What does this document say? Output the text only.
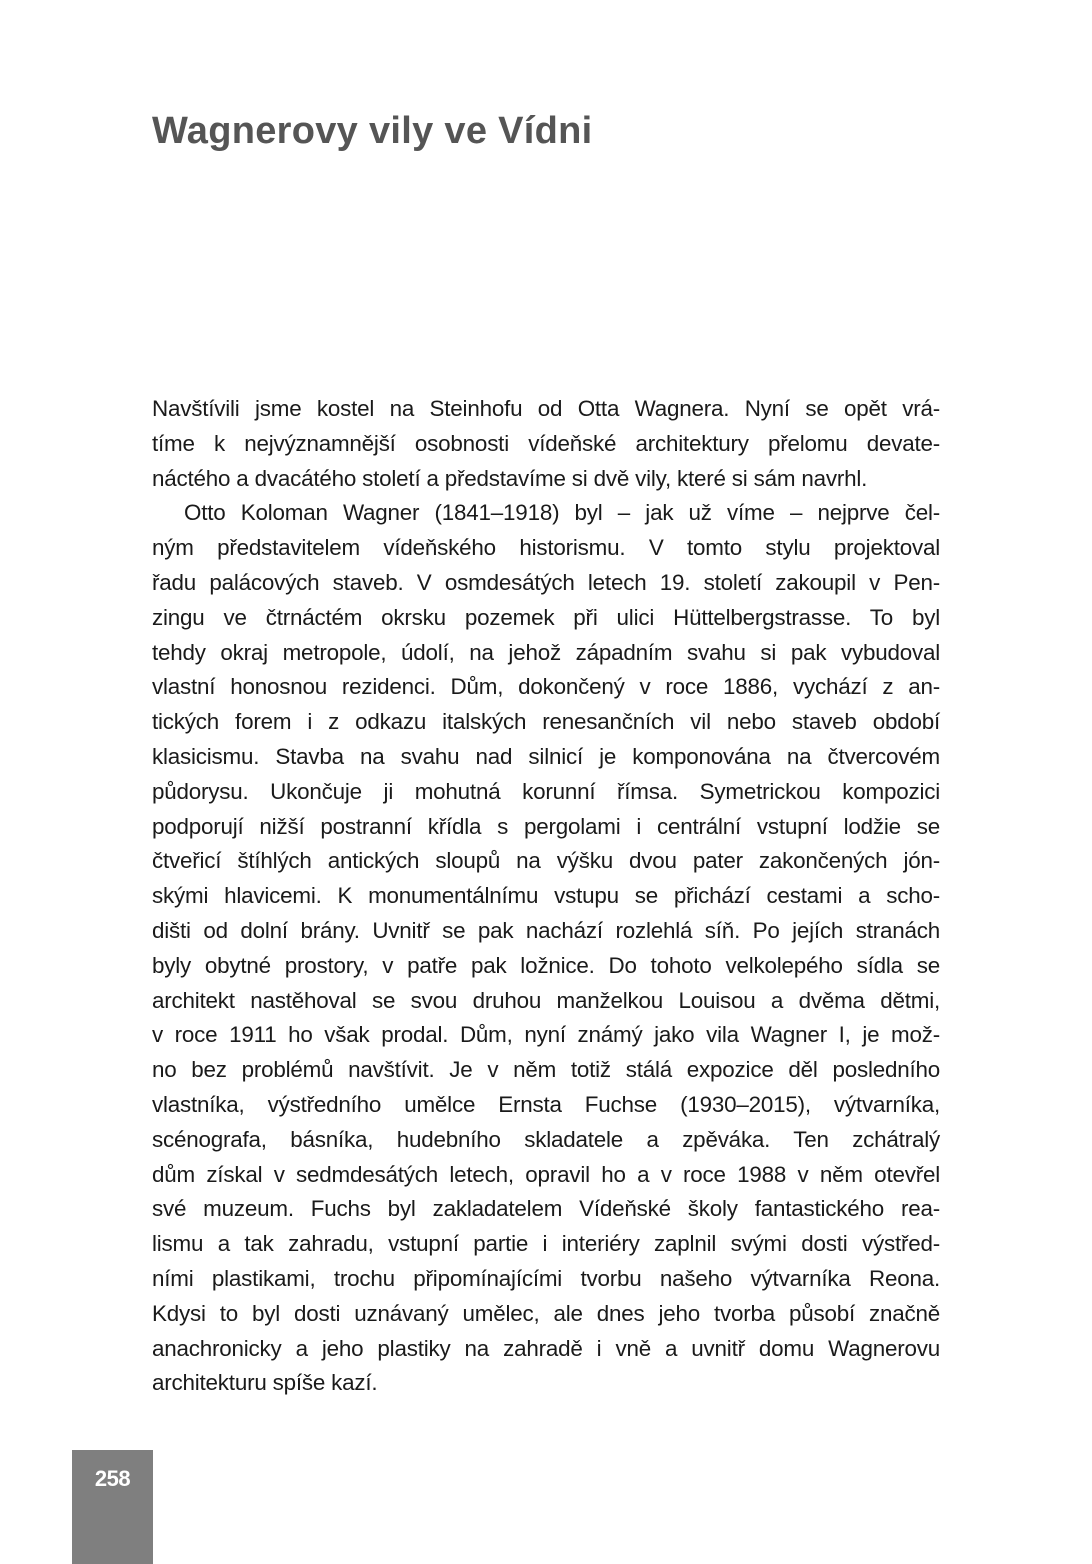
Wagnerovy vily ve Vídni
Navštívili jsme kostel na Steinhofu od Otta Wagnera. Nyní se opět vrá-
tíme k nejvýznamnější osobnosti vídeňské architektury přelomu devate-
náctého a dvacátého století a představíme si dvě vily, které si sám navrhl.
Otto Koloman Wagner (1841–1918) byl – jak už víme – nejprve čel-
ným představitelem vídeňského historismu. V tomto stylu projektoval
řadu palácových staveb. V osmdesátých letech 19. století zakoupil v Pen-
zingu ve čtrnáctém okrsku pozemek při ulici Hüttelbergstrasse. To byl
tehdy okraj metropole, údolí, na jehož západním svahu si pak vybudoval
vlastní honosnou rezidenci. Dům, dokončený v roce 1886, vychází z an-
tických forem i z odkazu italských renesančních vil nebo staveb období
klasicismu. Stavba na svahu nad silnicí je komponována na čtvercovém
půdorysu. Ukončuje ji mohutná korunní římsa. Symetrickou kompozici
podporují nižší postranní křídla s pergolami i centrální vstupní lodžie se
čtveřicí štíhlých antických sloupů na výšku dvou pater zakončených jón-
skými hlavicemi. K monumentálnímu vstupu se přichází cestami a scho-
dišti od dolní brány. Uvnitř se pak nachází rozlehlá síň. Po jejích stranách
byly obytné prostory, v patře pak ložnice. Do tohoto velkolepého sídla se
architekt nastěhoval se svou druhou manželkou Louisou a dvěma dětmi,
v roce 1911 ho však prodal. Dům, nyní známý jako vila Wagner I, je mož-
no bez problémů navštívit. Je v něm totiž stálá expozice děl posledního
vlastníka, výstředního umělce Ernsta Fuchse (1930–2015), výtvarníka,
scénografa, básníka, hudebního skladatele a zpěváka. Ten zchátralý
dům získal v sedmdesátých letech, opravil ho a v roce 1988 v něm otevřel
své muzeum. Fuchs byl zakladatelem Vídeňské školy fantastického rea-
lismu a tak zahradu, vstupní partie i interiéry zaplnil svými dosti výstřed-
ními plastikami, trochu připomínajícími tvorbu našeho výtvarníka Reona.
Kdysi to byl dosti uznávaný umělec, ale dnes jeho tvorba působí značně
anachronicky a jeho plastiky na zahradě i vně a uvnitř domu Wagnerovu
architekturu spíše kazí.
258
